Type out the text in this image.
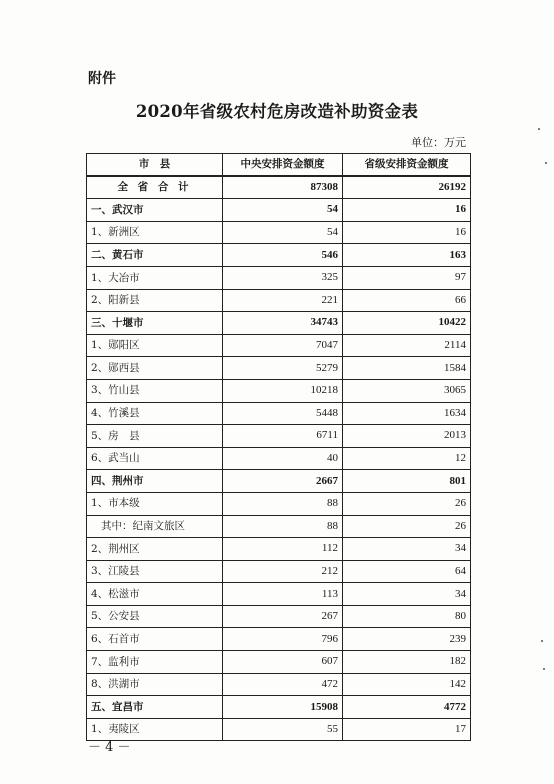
附件
2020年省级农村危房改造补助资金表
单位：万元
市　县	中央安排资金额度	省级安排资金额度
全 省 合 计	87308	26192
一、武汉市	54	16
1、新洲区	54	16
二、黄石市	546	163
1、大冶市	325	97
2、阳新县	221	66
三、十堰市	34743	10422
1、郧阳区	7047	2114
2、郧西县	5279	1584
3、竹山县	10218	3065
4、竹溪县	5448	1634
5、房　县	6711	2013
6、武当山	40	12
四、荆州市	2667	801
1、市本级	88	26
其中：纪南文旅区	88	26
2、荆州区	112	34
3、江陵县	212	64
4、松滋市	113	34
5、公安县	267	80
6、石首市	796	239
7、监利市	607	182
8、洪湖市	472	142
五、宜昌市	15908	4772
1、夷陵区	55	17
－ 4 －
